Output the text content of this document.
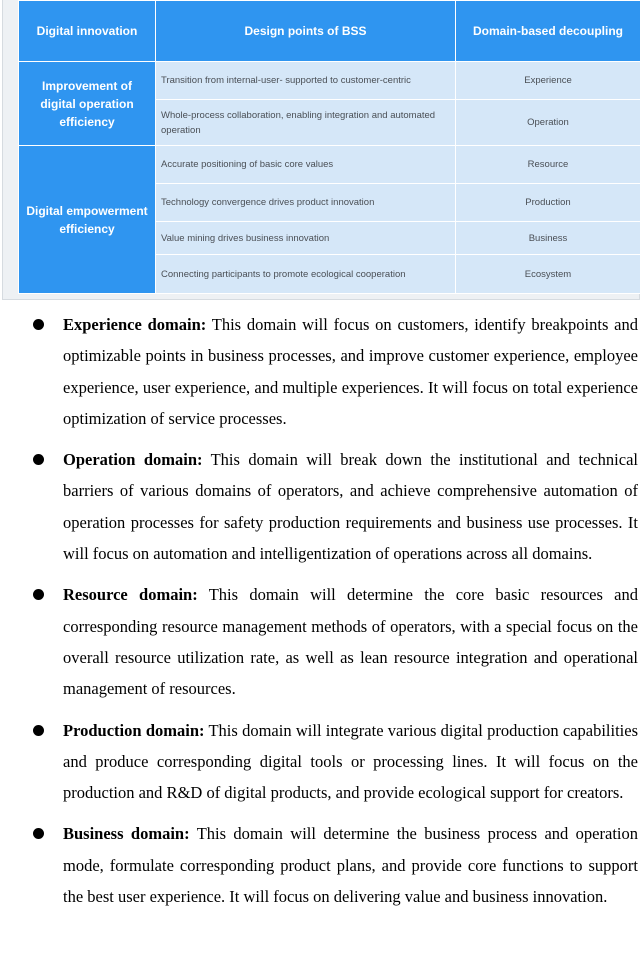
Digital innovation	Design points of BSS	Domain-based decoupling
Improvement of digital operation efficiency	Transition from internal-user- supported to customer-centric	Experience
	Whole-process collaboration, enabling integration and automated operation	Operation
Digital empowerment efficiency	Accurate positioning of basic core values	Resource
	Technology convergence drives product innovation	Production
	Value mining drives business innovation	Business
	Connecting participants to promote ecological cooperation	Ecosystem
Experience domain: This domain will focus on customers, identify breakpoints and optimizable points in business processes, and improve customer experience, employee experience, user experience, and multiple experiences. It will focus on total experience optimization of service processes.
Operation domain: This domain will break down the institutional and technical barriers of various domains of operators, and achieve comprehensive automation of operation processes for safety production requirements and business use processes. It will focus on automation and intelligentization of operations across all domains.
Resource domain: This domain will determine the core basic resources and corresponding resource management methods of operators, with a special focus on the overall resource utilization rate, as well as lean resource integration and operational management of resources.
Production domain: This domain will integrate various digital production capabilities and produce corresponding digital tools or processing lines. It will focus on the production and R&D of digital products, and provide ecological support for creators.
Business domain: This domain will determine the business process and operation mode, formulate corresponding product plans, and provide core functions to support the best user experience. It will focus on delivering value and business innovation.
